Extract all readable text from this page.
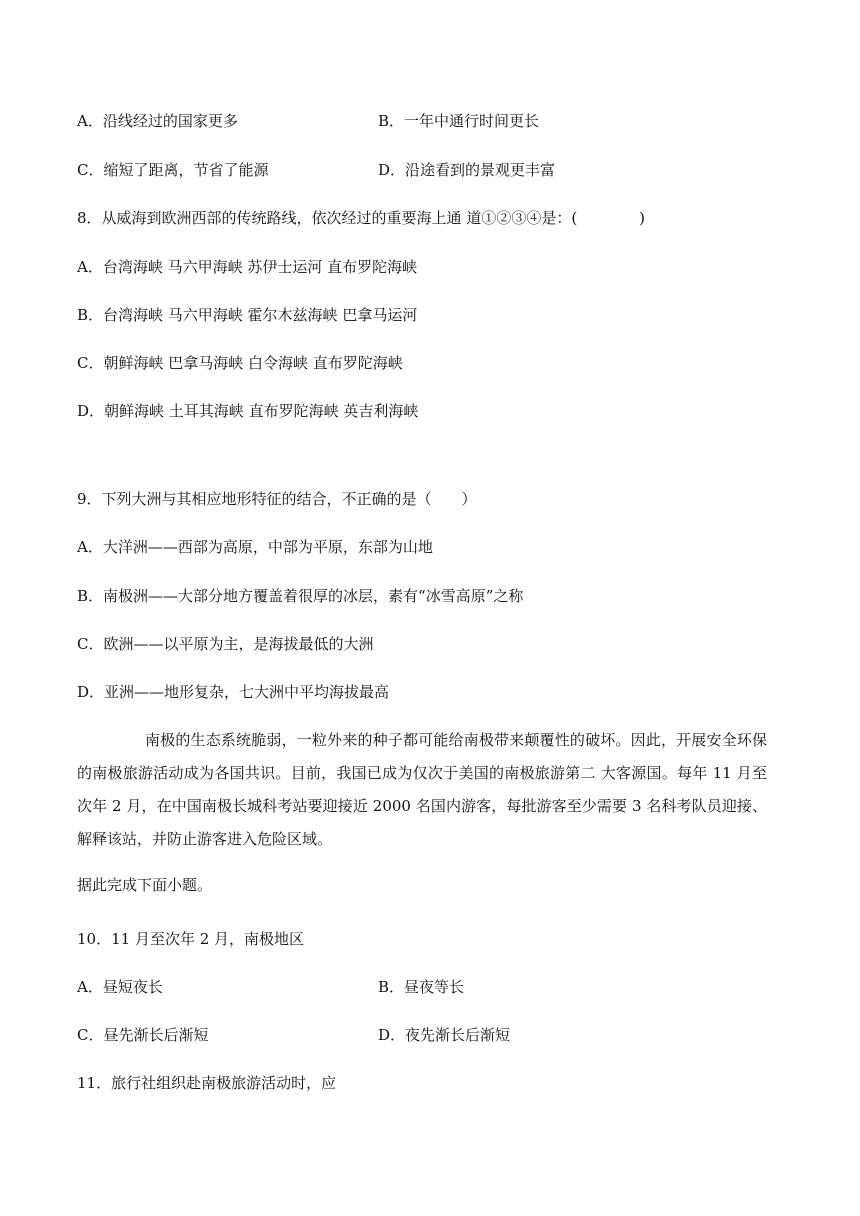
A．沿线经过的国家更多	B．一年中通行时间更长
C．缩短了距离，节省了能源	D．沿途看到的景观更丰富
8．从威海到欧洲西部的传统路线，依次经过的重要海上通 道①②③④是：(	)
A．台湾海峡 马六甲海峡 苏伊士运河 直布罗陀海峡
B．台湾海峡 马六甲海峡 霍尔木兹海峡 巴拿马运河
C．朝鲜海峡 巴拿马海峡 白令海峡 直布罗陀海峡
D．朝鲜海峡 土耳其海峡 直布罗陀海峡 英吉利海峡
9．下列大洲与其相应地形特征的结合，不正确的是（ ）
A．大洋洲——西部为高原，中部为平原，东部为山地
B．南极洲——大部分地方覆盖着很厚的冰层，素有“冰雪高原”之称
C．欧洲——以平原为主，是海拔最低的大洲
D．亚洲——地形复杂，七大洲中平均海拔最高
南极的生态系统脆弱，一粒外来的种子都可能给南极带来颠覆性的破坏。因此，开展安全环保的南极旅游活动成为各国共识。目前，我国已成为仅次于美国的南极旅游第二 大客源国。每年 11 月至次年 2 月，在中国南极长城科考站要迎接近 2000 名国内游客，每批游客至少需要 3 名科考队员迎接、解释该站，并防止游客进入危险区域。
据此完成下面小题。
10．11 月至次年 2 月，南极地区
A．昼短夜长	B．昼夜等长
C．昼先渐长后渐短	D．夜先渐长后渐短
11．旅行社组织赴南极旅游活动时，应
